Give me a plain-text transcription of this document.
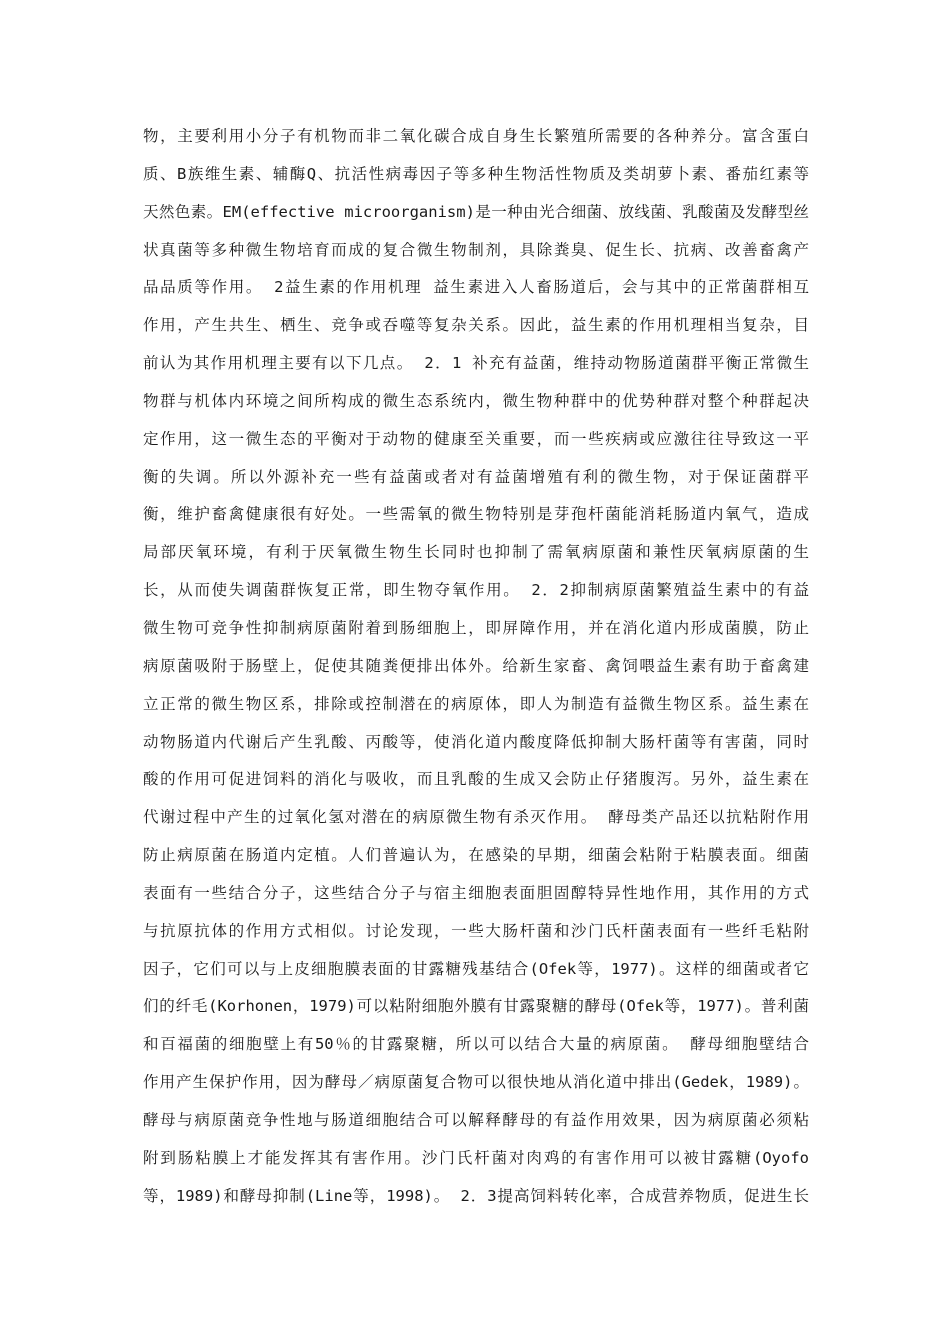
物，主要利用小分子有机物而非二氧化碳合成自身生长繁殖所需要的各种养分。富含蛋白
质、B族维生素、辅酶Q、抗活性病毒因子等多种生物活性物质及类胡萝卜素、番茄红素等
天然色素。EM(effective microorganism)是一种由光合细菌、放线菌、乳酸菌及发酵型丝
状真菌等多种微生物培育而成的复合微生物制剂，具除粪臭、促生长、抗病、改善畜禽产
品品质等作用。 2益生素的作用机理 益生素进入人畜肠道后，会与其中的正常菌群相互
作用，产生共生、栖生、竞争或吞噬等复杂关系。因此，益生素的作用机理相当复杂，目
前认为其作用机理主要有以下几点。 2．1 补充有益菌，维持动物肠道菌群平衡正常微生
物群与机体内环境之间所构成的微生态系统内，微生物种群中的优势种群对整个种群起决
定作用，这一微生态的平衡对于动物的健康至关重要，而一些疾病或应激往往导致这一平
衡的失调。所以外源补充一些有益菌或者对有益菌增殖有利的微生物，对于保证菌群平
衡，维护畜禽健康很有好处。一些需氧的微生物特别是芽孢杆菌能消耗肠道内氧气，造成
局部厌氧环境，有利于厌氧微生物生长同时也抑制了需氧病原菌和兼性厌氧病原菌的生
长，从而使失调菌群恢复正常，即生物夺氧作用。 2．2抑制病原菌繁殖益生素中的有益
微生物可竞争性抑制病原菌附着到肠细胞上，即屏障作用，并在消化道内形成菌膜，防止
病原菌吸附于肠壁上，促使其随粪便排出体外。给新生家畜、禽饲喂益生素有助于畜禽建
立正常的微生物区系，排除或控制潜在的病原体，即人为制造有益微生物区系。益生素在
动物肠道内代谢后产生乳酸、丙酸等，使消化道内酸度降低抑制大肠杆菌等有害菌，同时
酸的作用可促进饲料的消化与吸收，而且乳酸的生成又会防止仔猪腹泻。另外，益生素在
代谢过程中产生的过氧化氢对潜在的病原微生物有杀灭作用。 酵母类产品还以抗粘附作用
防止病原菌在肠道内定植。人们普遍认为，在感染的早期，细菌会粘附于粘膜表面。细菌
表面有一些结合分子，这些结合分子与宿主细胞表面胆固醇特异性地作用，其作用的方式
与抗原抗体的作用方式相似。讨论发现，一些大肠杆菌和沙门氏杆菌表面有一些纤毛粘附
因子，它们可以与上皮细胞膜表面的甘露糖残基结合(Ofek等，1977)。这样的细菌或者它
们的纤毛(Korhonen，1979)可以粘附细胞外膜有甘露聚糖的酵母(Ofek等，1977)。普利菌
和百福菌的细胞壁上有50％的甘露聚糖，所以可以结合大量的病原菌。 酵母细胞壁结合
作用产生保护作用，因为酵母／病原菌复合物可以很快地从消化道中排出(Gedek，1989)。
酵母与病原菌竞争性地与肠道细胞结合可以解释酵母的有益作用效果，因为病原菌必须粘
附到肠粘膜上才能发挥其有害作用。沙门氏杆菌对肉鸡的有害作用可以被甘露糖(Oyofo
等，1989)和酵母抑制(Line等，1998)。 2．3提高饲料转化率，合成营养物质，促进生长
